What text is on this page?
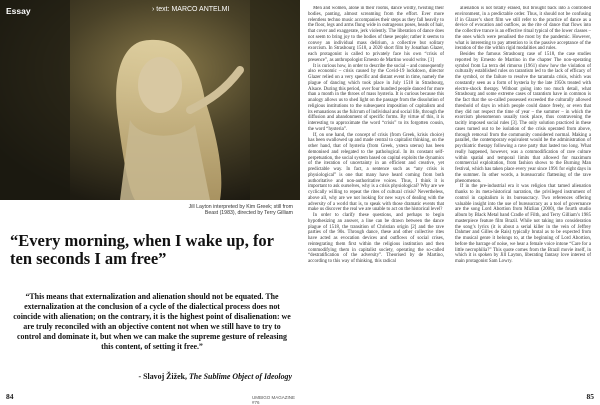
Essay	› text: MARCO ANTELMI
Jill Layton interpreted by Kim Greek; still from Beast (1983), directed by Terry Gilliam
“Every morning, when I wake up, for ten seconds I am free”
“This means that externalization and alienation should not be equated. The externalization at the conclusion of a cycle of the dialectical process does not coincide with alienation; on the contrary, it is the highest point of disalienation: we are truly reconciled with an objective content not when we still have to try to control and dominate it, but when we can make the supreme gesture of releasing this content, of setting it free.”
- Slavoj Žižek, The Sublime Object of Ideology
84	UMBIGO MAGAZINE #76

Men and women, alone in their rooms, dance wildly, twisting their bodies, panting, almost screaming from the effort. Ever more relentless techno music accompanies their steps as they fall heavily to the floor, legs and arms flung wide in outrageous poses, heads of hair, that cover and exaggerate, jerk violently. The liberation of dance does not seem to bring joy to the bodies of these people; rather it seems to convey an individual mass delirium, a collective but solitary exorcism. In Strasbourg 1518, a 2020 short film by Jonathan Glazer, each protagonist is called to privately face his own “crisis of presence”, as anthropologist Ernesto de Martino would write. [1]

It is curious how, in order to describe the social – and consequently also economic – crisis caused by the Covid-19 lockdown, director Glazer relied on a very specific and distant event in time, namely the plague of dancing which took place in July 1518 in Strasbourg, Alsace. During this period, over four hundred people danced for more than a month in the throes of mass hysteria. It is curious because this analogy allows us to shed light on the passage from the dissolution of religious institutions to the subsequent imposition of capitalism and its emanations as the fulcrum of individual and social life, through the diffusion and abandonment of specific forms. By virtue of this, it is interesting to approximate the word “crisis” to its forgotten cousin, the word “hysteria”.

If, on one hand, the concept of crisis (from Greek, krisis choice) has been swallowed up and made central to capitalist thinking, on the other hand, that of hysteria (from Greek, ystera uterus) has been demonised and relegated to the pathological. In its constant self-perpetuation, the social system based on capital exploits the dynamics of the iteration of uncertainty in an efficient and creative, yet predictable way. In fact, a sentence such as “any crisis is physiological” is one that many have heard coming from both authoritative and non-authoritative voices. Thus, I think it is important to ask ourselves, why is a crisis physiological? Why are we cyclically willing to repeat the rites of cultural crisis? Nevertheless, above all, why are we not looking for new ways of dealing with the adversity of a world that is, to speak with those dramatic events that make us discover the real we are unable to act on the historical level?

In order to clarify these questions, and perhaps to begin hypothesizing an answer, a line can be drawn between the dance plague of 1518, the transition of Christian origin [2] and the rave parties of the 90s. Through dance, these and other collective rites have acted as evocation devices and outflows of social crises, reintegrating them first within the religious institution and then commodifying them in capitalist society, operating the so-called “destratification of the adversity”. Theorised by de Martino, according to this way of thinking, this radical

alienation is not totally erased, but brought back into a controlled environment, in a predictable order. Thus, it should not be confusing if in Glazer’s short film we still refer to the practice of dance as a device of evocation and outflow, as the rite of dance that flows into the collective trance is an effective ritual typical of the lower classes – the ones which were penalised the most by the pandemic. However, what is interesting to pay attention to is the passive acceptance of the iteration of the rite within rigid modalities and rules.

Besides the famous Strasbourg case of 1518, the case studies reported by Ernesto de Martino in the chapter The non-operating symbol from La terra del rimorso (1961) show how the violation of culturally established rules on tarantism led to the lack of efficacy of the symbol, or the failure to resolve the tarantula crisis, which was constantly seen as a form of hysteria by the late 1950s treated with electro-shock therapy. Without going into too much detail, what Strasbourg and some extreme cases of tarantism have in common is the fact that the so-called possessed exceeded the culturally allowed threshold of days in which people could dance freely, or even that they did not respect the time of year – the summer – in which the exorcism phenomenon usually took place, thus contravening the tacitly imposed social rules [3]. The only solution practiced in these cases turned out to be isolation of the crisis operated from above, through removal from the community considered normal. Making a parallel, the contemporary equivalent would be the administration of psychiatric therapy following a rave party that lasted too long. What really happened, however, was a commodification of rave culture within spatial and temporal limits that allowed for maximum commercial exploitation, from fashion shows to the Burning Man festival, which has taken place every year since 1991 for eight days in the summer. In other words, a bureaucratic flattening of the rave phenomenon.

If in the pre-industrial era it was religion that tamed alienation thanks to its meta-historical narration, the privileged instrument of control in capitalism is its bureaucracy. Two references offering valuable insight into the use of bureaucracy as a tool of governance are the song Lord Abortion from Mizlian (2000), the fourth studio album by Black Metal band Cradle of Filth, and Terry Gilliam’s 1985 masterpiece feature film Brazil. While not taking into consideration the song’s lyrics (it is about a serial killer in the vein of Jeffrey Dahmer and Gilles de Rais) typically brutal as to be expected from the musical genre it belongs to, at the beginning of Lord Abortion, before the barrage of noise, we hear a female voice intone “Care for a little necrophilia?” This quote comes from the Brazil movie itself, in which it is spoken by Jill Layton, liberating fantasy love interest of main protagonist Sam Lowry.

85
